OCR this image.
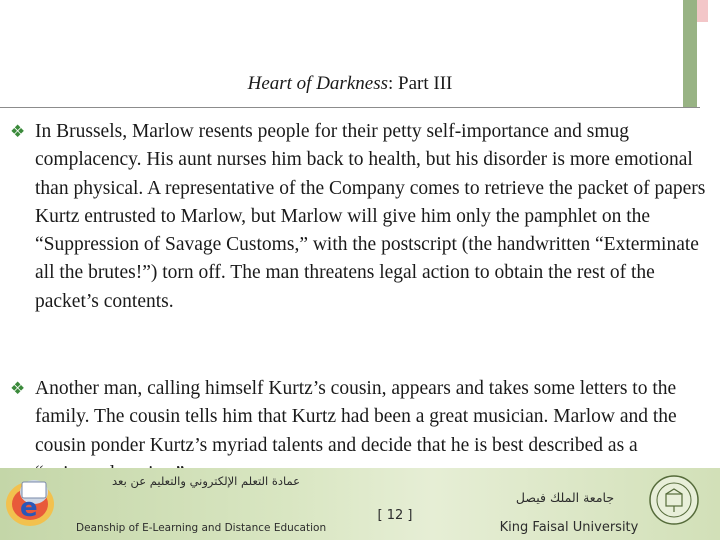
Heart of Darkness: Part III
❖ In Brussels, Marlow resents people for their petty self-importance and smug complacency. His aunt nurses him back to health, but his disorder is more emotional than physical. A representative of the Company comes to retrieve the packet of papers Kurtz entrusted to Marlow, but Marlow will give him only the pamphlet on the “Suppression of Savage Customs,” with the postscript (the handwritten “Exterminate all the brutes!”) torn off. The man threatens legal action to obtain the rest of the packet’s contents.
❖ Another man, calling himself Kurtz’s cousin, appears and takes some letters to the family. The cousin tells him that Kurtz had been a great musician. Marlow and the cousin ponder Kurtz’s myriad talents and decide that he is best described as a
e
عمادة التعلم الإلكتروني والتعليم عن بعد
Deanship of E-Learning and Distance Education
[ 12 ]
جامعة الملك فيصل
King Faisal University
